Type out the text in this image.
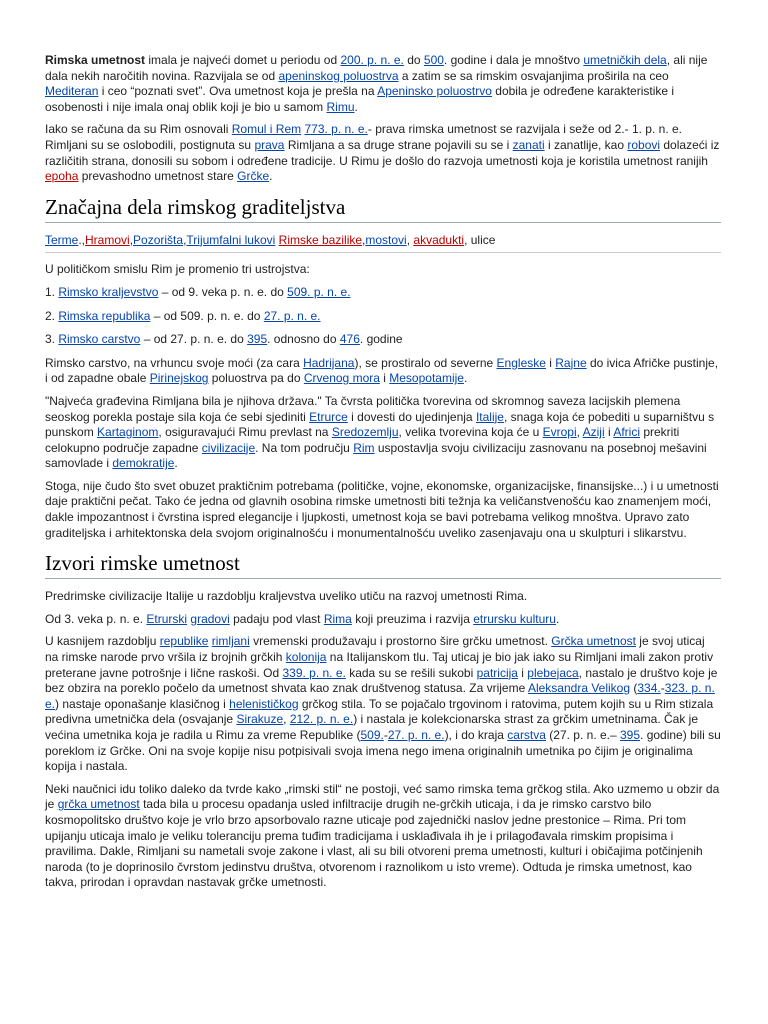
Rimska umetnost imala je najveći domet u periodu od 200. p. n. e. do 500. godine i dala je mnoštvo umetničkih dela, ali nije dala nekih naročitih novina. Razvijala se od apeninskog poluostrva a zatim se sa rimskim osvajanjima proširila na ceo Mediteran i ceo “poznati svet”. Ova umetnost koja je prešla na Apeninsko poluostrvo dobila je određene karakteristike i osobenosti i nije imala onaj oblik koji je bio u samom Rimu.

Iako se računa da su Rim osnovali Romul i Rem 773. p. n. e.- prava rimska umetnost se razvijala i seže od 2.- 1. p. n. e. Rimljani su se oslobodili, postignuta su prava Rimljana a sa druge strane pojavili su se i zanati i zanatlije, kao robovi dolazeći iz različitih strana, donosili su sobom i određene tradicije. U Rimu je došlo do razvoja umetnosti koja je koristila umetnost ranijih epoha prevashodno umetnost stare Grčke.

Značajna dela rimskog graditeljstva
Terme.,Hramovi,Pozorišta,Trijumfalni lukovi Rimske bazilike,mostovi, akvadukti, ulice

U političkom smislu Rim je promenio tri ustrojstva:

1. Rimsko kraljevstvo – od 9. veka p. n. e. do 509. p. n. e.

2. Rimska republika – od 509. p. n. e. do 27. p. n. e.

3. Rimsko carstvo – od 27. p. n. e. do 395. odnosno do 476. godine

Rimsko carstvo, na vrhuncu svoje moći (za cara Hadrijana), se prostiralo od severne Engleske i Rajne do ivica Afričke pustinje, i od zapadne obale Pirinejskog poluostrva pa do Crvenog mora i Mesopotamije.

"Najveća građevina Rimljana bila je njihova država." Ta čvrsta politička tvorevina od skromnog saveza lacijskih plemena seoskog porekla postaje sila koja će sebi sjediniti Etrurce i dovesti do ujedinjenja Italije, snaga koja će pobediti u suparništvu s punskom Kartaginom, osiguravajući Rimu prevlast na Sredozemlju, velika tvorevina koja će u Evropi, Aziji i Africi prekriti celokupno područje zapadne civilizacije. Na tom području Rim uspostavlja svoju civilizaciju zasnovanu na posebnoj mešavini samovlade i demokratije.

Stoga, nije čudo što svet obuzet praktičnim potrebama (političke, vojne, ekonomske, organizacijske, finansijske...) i u umetnosti daje praktični pečat. Tako će jedna od glavnih osobina rimske umetnosti biti težnja ka veličanstvenošću kao znamenjem moći, dakle impozantnost i čvrstina ispred elegancije i ljupkosti, umetnost koja se bavi potrebama velikog mnoštva. Upravo zato graditeljska i arhitektonska dela svojom originalnošću i monumentalnošću uveliko zasenjavaju ona u skulpturi i slikarstvu.

Izvori rimske umetnost

Predrimske civilizacije Italije u razdoblju kraljevstva uveliko utiču na razvoj umetnosti Rima.

Od 3. veka p. n. e. Etrurski gradovi padaju pod vlast Rima koji preuzima i razvija etrursku kulturu.

U kasnijem razdoblju republike rimljani vremenski produžavaju i prostorno šire grčku umetnost. Grčka umetnost je svoj uticaj na rimske narode prvo vršila iz brojnih grčkih kolonija na Italijanskom tlu. Taj uticaj je bio jak iako su Rimljani imali zakon protiv preterane javne potrošnje i lične raskoši. Od 339. p. n. e. kada su se rešili sukobi patricija i plebejaca, nastalo je društvo koje je bez obzira na poreklo počelo da umetnost shvata kao znak društvenog statusa. Za vrijeme Aleksandra Velikog (334.-323. p. n. e.) nastaje oponašanje klasičnog i helenističkog grčkog stila. To se pojačalo trgovinom i ratovima, putem kojih su u Rim stizala predivna umetnička dela (osvajanje Sirakuze, 212. p. n. e.) i nastala je kolekcionarska strast za grčkim umetninama. Čak je većina umetnika koja je radila u Rimu za vreme Republike (509.-27. p. n. e.), i do kraja carstva (27. p. n. e.– 395. godine) bili su poreklom iz Grčke. Oni na svoje kopije nisu potpisivali svoja imena nego imena originalnih umetnika po čijim je originalima kopija i nastala.

Neki naučnici idu toliko daleko da tvrde kako „rimski stil“ ne postoji, već samo rimska tema grčkog stila. Ako uzmemo u obzir da je grčka umetnost tada bila u procesu opadanja usled infiltracije drugih ne-grčkih uticaja, i da je rimsko carstvo bilo kosmopolitsko društvo koje je vrlo brzo apsorbovalo razne uticaje pod zajednički naslov jedne prestonice – Rima. Pri tom upijanju uticaja imalo je veliku toleranciju prema tuđim tradicijama i usklađivala ih je i prilagođavala rimskim propisima i pravilima. Dakle, Rimljani su nametali svoje zakone i vlast, ali su bili otvoreni prema umetnosti, kulturi i običajima potčinjenih naroda (to je doprinosilo čvrstom jedinstvu društva, otvorenom i raznolikom u isto vreme). Odtuda je rimska umetnost, kao takva, prirodan i opravdan nastavak grčke umetnosti.
